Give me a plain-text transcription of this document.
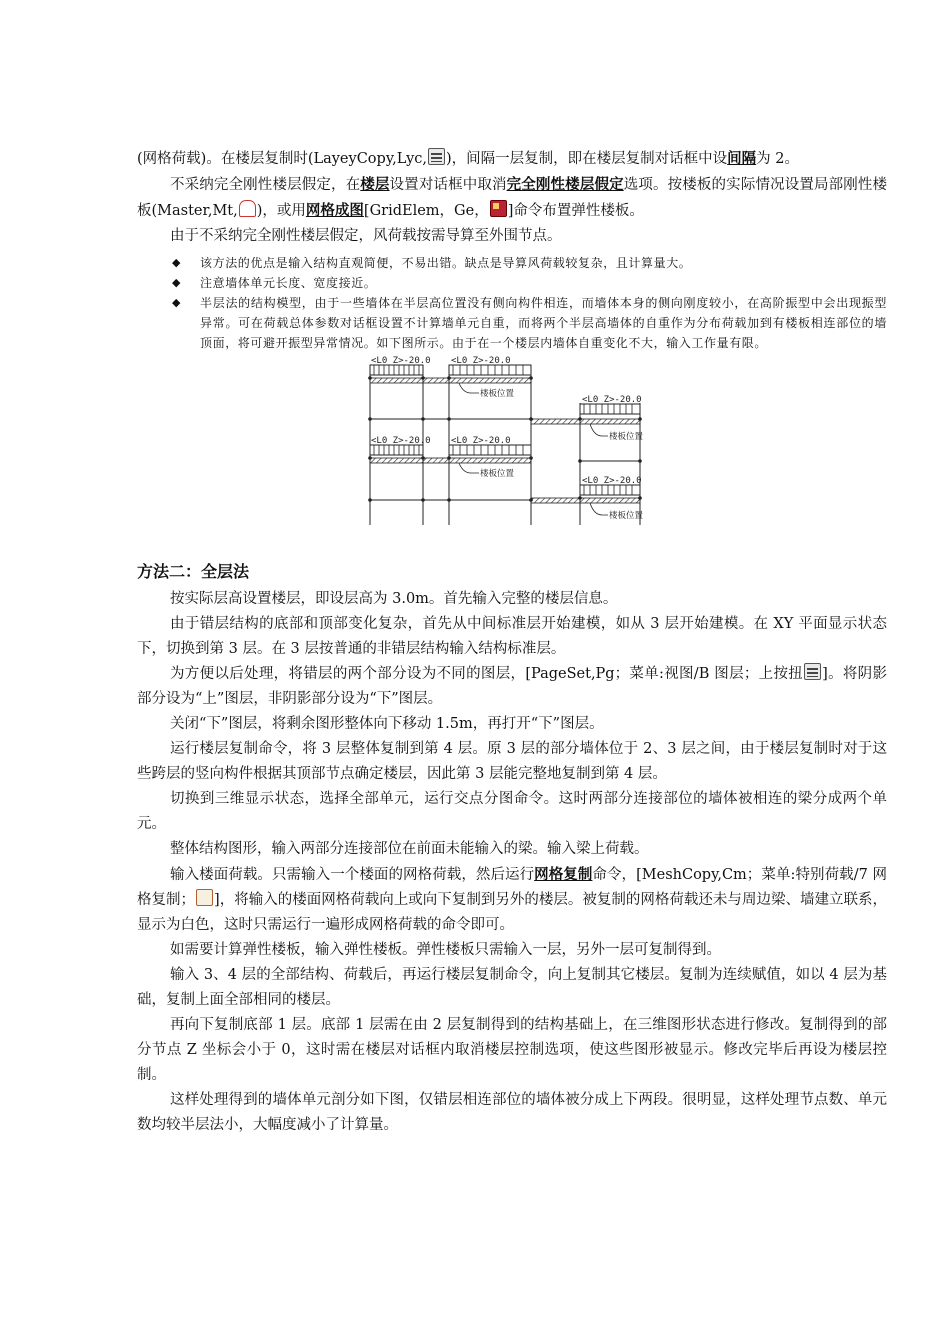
(网格荷载)。在楼层复制时(LayeyCopy,Lyc, )，间隔一层复制，即在楼层复制对话框中设间隔为 2。

不采纳完全刚性楼层假定，在楼层设置对话框中取消完全刚性楼层假定选项。按楼板的实际情况设置局部刚性楼板(Master,Mt, )，或用网格成图[GridElem，Ge， ]命令布置弹性楼板。

由于不采纳完全刚性楼层假定，风荷载按需导算至外围节点。

◆ 该方法的优点是输入结构直观简便，不易出错。缺点是导算风荷载较复杂，且计算量大。
◆ 注意墙体单元长度、宽度接近。
◆ 半层法的结构模型，由于一些墙体在半层高位置没有侧向构件相连，而墙体本身的侧向刚度较小，在高阶振型中会出现振型异常。可在荷载总体参数对话框设置不计算墙单元自重，而将两个半层高墙体的自重作为分布荷载加到有楼板相连部位的墙顶面，将可避开振型异常情况。如下图所示。由于在一个楼层内墙体自重变化不大，输入工作量有限。
<L0 Z>-20.0 <L0 Z>-20.0
<L0 Z>-20.0 <L0 Z>-20.0
<L0 Z>-20.0
<L0 Z>-20.0
楼板位置
楼板位置
楼板位置
楼板位置
方法二：全层法

按实际层高设置楼层，即设层高为 3.0m。首先输入完整的楼层信息。

由于错层结构的底部和顶部变化复杂，首先从中间标准层开始建模，如从 3 层开始建模。在 XY 平面显示状态下，切换到第 3 层。在 3 层按普通的非错层结构输入结构标准层。

为方便以后处理，将错层的两个部分设为不同的图层，[PageSet,Pg；菜单:视图/B 图层；上按扭 ]。将阴影部分设为“上”图层，非阴影部分设为“下”图层。

关闭“下”图层，将剩余图形整体向下移动 1.5m，再打开“下”图层。

运行楼层复制命令，将 3 层整体复制到第 4 层。原 3 层的部分墙体位于 2、3 层之间，由于楼层复制时对于这些跨层的竖向构件根据其顶部节点确定楼层，因此第 3 层能完整地复制到第 4 层。

切换到三维显示状态，选择全部单元，运行交点分图命令。这时两部分连接部位的墙体被相连的梁分成两个单元。

整体结构图形，输入两部分连接部位在前面未能输入的梁。输入梁上荷载。

输入楼面荷载。只需输入一个楼面的网格荷载，然后运行网格复制命令，[MeshCopy,Cm；菜单:特别荷载/7 网格复制； ]，将输入的楼面网格荷载向上或向下复制到另外的楼层。被复制的网格荷载还未与周边梁、墙建立联系，显示为白色，这时只需运行一遍形成网格荷载的命令即可。

如需要计算弹性楼板，输入弹性楼板。弹性楼板只需输入一层，另外一层可复制得到。

输入 3、4 层的全部结构、荷载后，再运行楼层复制命令，向上复制其它楼层。复制为连续赋值，如以 4 层为基础，复制上面全部相同的楼层。

再向下复制底部 1 层。底部 1 层需在由 2 层复制得到的结构基础上，在三维图形状态进行修改。复制得到的部分节点 Z 坐标会小于 0，这时需在楼层对话框内取消楼层控制选项，使这些图形被显示。修改完毕后再设为楼层控制。

这样处理得到的墙体单元剖分如下图，仅错层相连部位的墙体被分成上下两段。很明显，这样处理节点数、单元数均较半层法小，大幅度减小了计算量。
